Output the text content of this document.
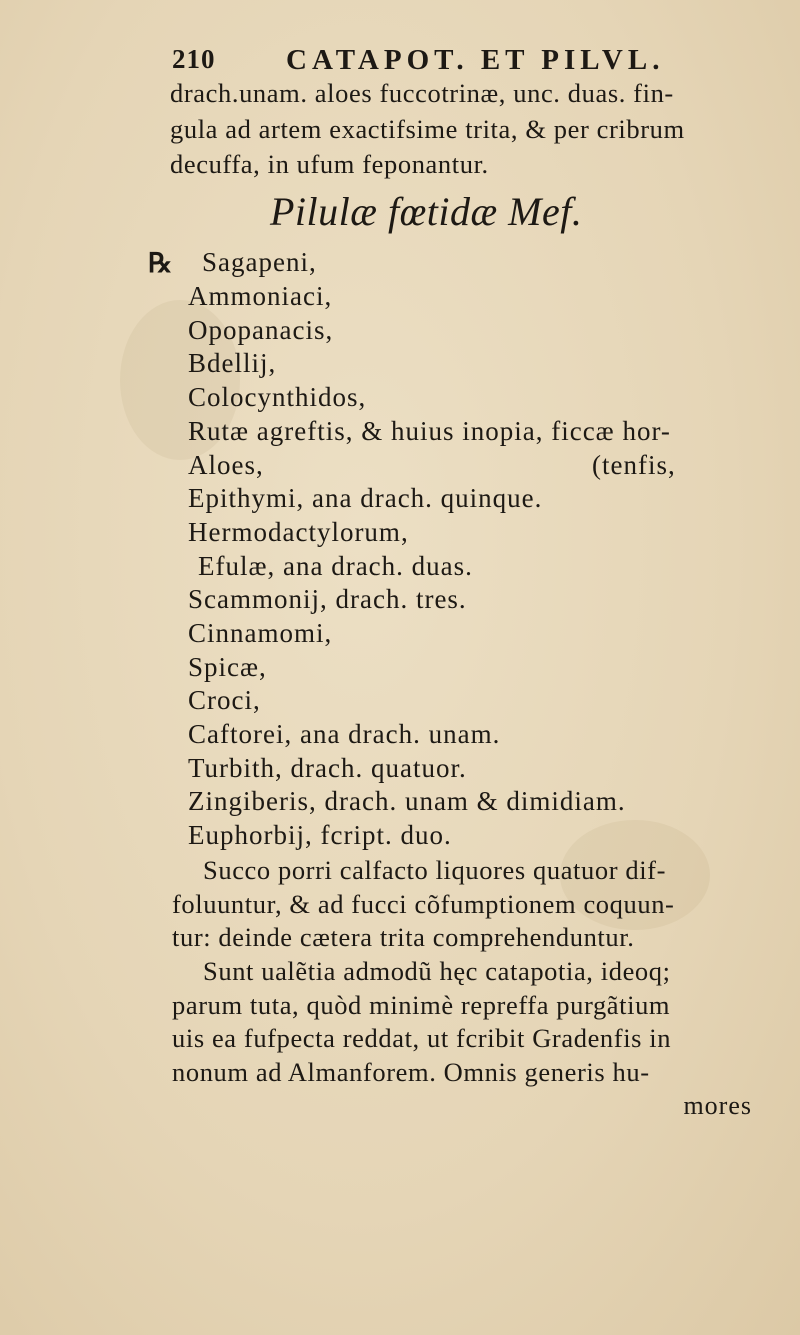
210 CATAPOT. ET PILVL.
drach.unam. aloes fuccotrinæ, unc. duas. fin-
gula ad artem exactifsime trita, & per cribrum
decuffa, in ufum feponantur.
Pilulæ fœtidæ Mef.
℞ Sagapeni,
Ammoniaci,
Opopanacis,
Bdellij,
Colocynthidos,
Rutæ agreftis, & huius inopia, ficcæ hor-
Aloes,	(tenfis,
Epithymi, ana drach. quinque.
Hermodactylorum,
Efulæ, ana drach. duas.
Scammonij, drach. tres.
Cinnamomi,
Spicæ,
Croci,
Caftorei, ana drach. unam.
Turbith, drach. quatuor.
Zingiberis, drach. unam & dimidiam.
Euphorbij, fcript. duo.
Succo porri calfacto liquores quatuor dif-
foluuntur, & ad fucci cõfumptionem coquun-
tur: deinde cætera trita comprehenduntur.
Sunt ualẽtia admodũ hęc catapotia, ideoq;
parum tuta, quòd minimè repreffa purgãtium
uis ea fufpecta reddat, ut fcribit Gradenfis in
nonum ad Almanforem. Omnis generis hu-
mores
